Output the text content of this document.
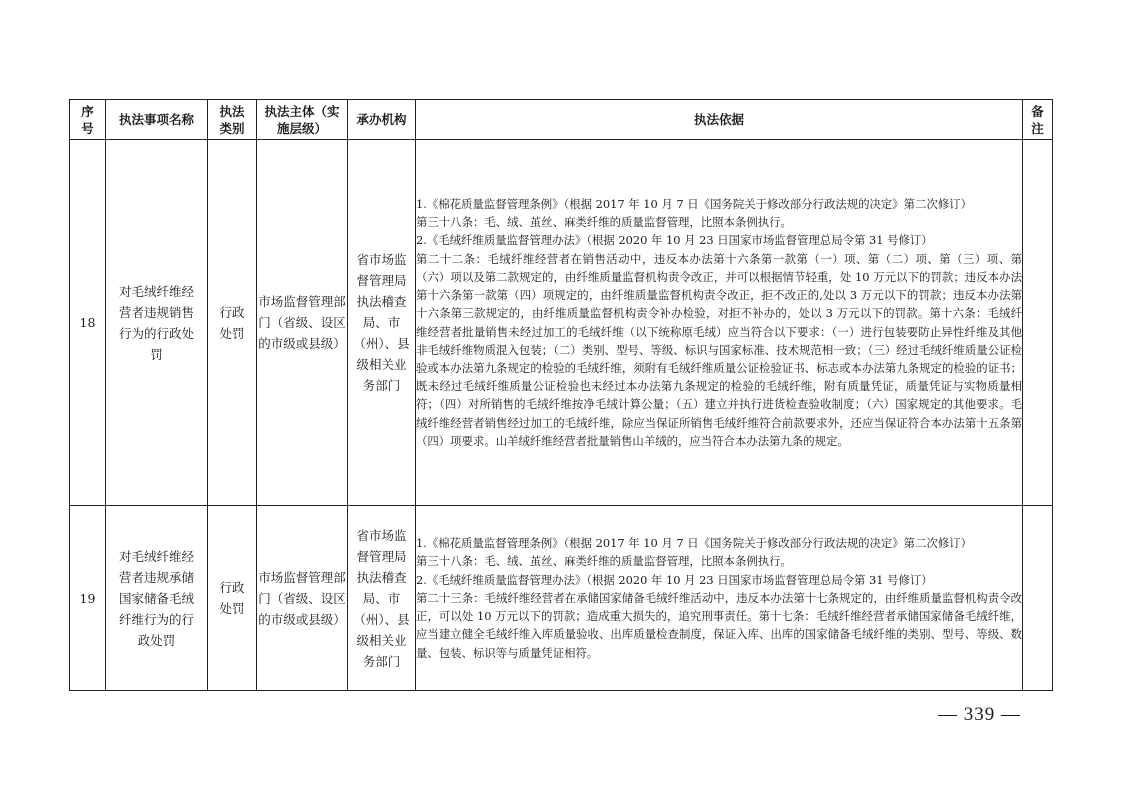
序号	执法事项名称	执法类别	执法主体（实施层级）	承办机构	执法依据	备注
18	对毛绒纤维经营者违规销售行为的行政处罚	行政处罚	市场监督管理部门（省级、设区的市级或县级）	省市场监督管理局执法稽查局、市（州）、县级相关业务部门	1.《棉花质量监督管理条例》（根据 2017 年 10 月 7 日《国务院关于修改部分行政法规的决定》第二次修订）

第三十八条：毛、绒、茧丝、麻类纤维的质量监督管理，比照本条例执行。

2.《毛绒纤维质量监督管理办法》（根据 2020 年 10 月 23 日国家市场监督管理总局令第 31 号修订）

第二十二条：毛绒纤维经营者在销售活动中，违反本办法第十六条第一款第（一）项、第（二）项、第（三）项、第（六）项以及第二款规定的，由纤维质量监督机构责令改正，并可以根据情节轻重，处 10 万元以下的罚款；违反本办法第十六条第一款第（四）项规定的，由纤维质量监督机构责令改正，拒不改正的,处以 3 万元以下的罚款；违反本办法第十六条第三款规定的，由纤维质量监督机构责令补办检验，对拒不补办的，处以 3 万元以下的罚款。第十六条：毛绒纤维经营者批量销售未经过加工的毛绒纤维（以下统称原毛绒）应当符合以下要求：（一）进行包装要防止异性纤维及其他非毛绒纤维物质混入包装；（二）类别、型号、等级、标识与国家标准、技术规范相一致；（三）经过毛绒纤维质量公证检验或本办法第九条规定的检验的毛绒纤维，须附有毛绒纤维质量公证检验证书、标志或本办法第九条规定的检验的证书；既未经过毛绒纤维质量公证检验也未经过本办法第九条规定的检验的毛绒纤维，附有质量凭证，质量凭证与实物质量相符；（四）对所销售的毛绒纤维按净毛绒计算公量；（五）建立并执行进货检查验收制度；（六）国家规定的其他要求。毛绒纤维经营者销售经过加工的毛绒纤维，除应当保证所销售毛绒纤维符合前款要求外，还应当保证符合本办法第十五条第（四）项要求。山羊绒纤维经营者批量销售山羊绒的，应当符合本办法第九条的规定。	

19	对毛绒纤维经营者违规承储国家储备毛绒纤维行为的行政处罚	行政处罚	市场监督管理部门（省级、设区的市级或县级）	省市场监督管理局执法稽查局、市（州）、县级相关业务部门	1.《棉花质量监督管理条例》（根据 2017 年 10 月 7 日《国务院关于修改部分行政法规的决定》第二次修订）

第三十八条：毛、绒、茧丝、麻类纤维的质量监督管理，比照本条例执行。

2.《毛绒纤维质量监督管理办法》（根据 2020 年 10 月 23 日国家市场监督管理总局令第 31 号修订）

第二十三条：毛绒纤维经营者在承储国家储备毛绒纤维活动中，违反本办法第十七条规定的，由纤维质量监督机构责令改正，可以处 10 万元以下的罚款；造成重大损失的，追究刑事责任。第十七条：毛绒纤维经营者承储国家储备毛绒纤维，应当建立健全毛绒纤维入库质量验收、出库质量检查制度，保证入库、出库的国家储备毛绒纤维的类别、型号、等级、数量、包装、标识等与质量凭证相符。	

— 339 —
